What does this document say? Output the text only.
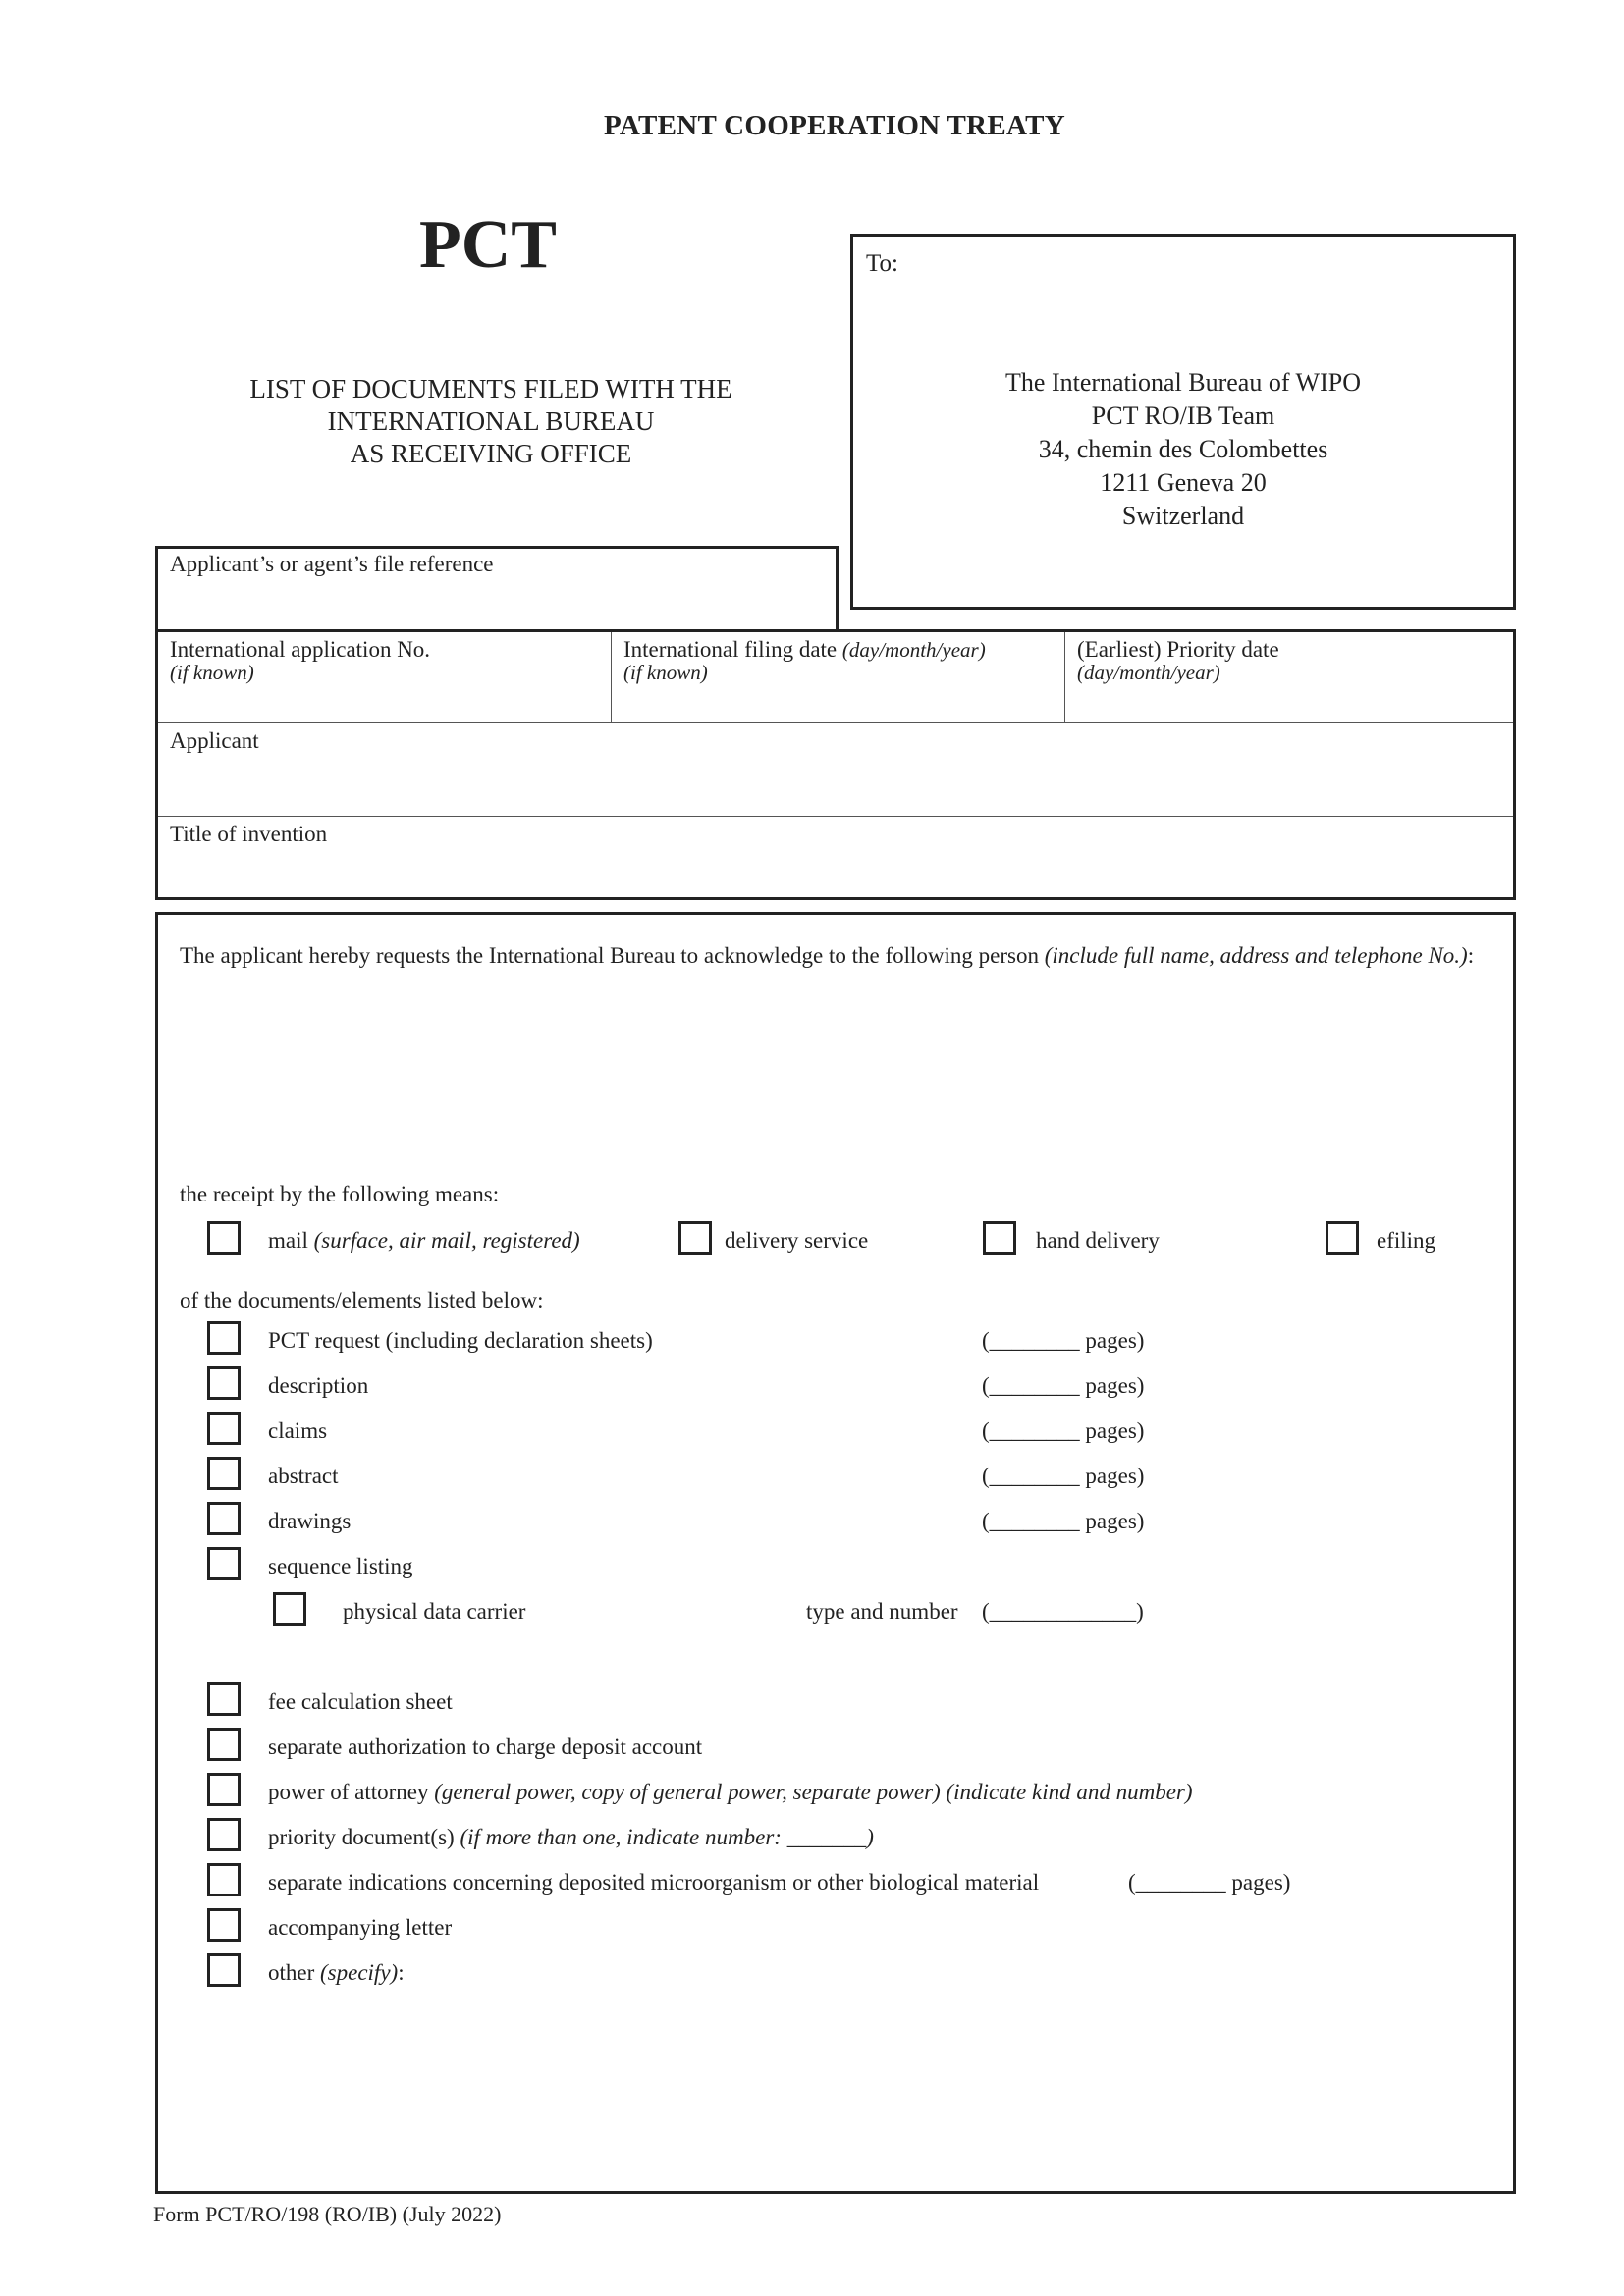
PATENT COOPERATION TREATY
PCT
LIST OF DOCUMENTS FILED WITH THE
INTERNATIONAL BUREAU
AS RECEIVING OFFICE
To:
The International Bureau of WIPO
PCT RO/IB Team
34, chemin des Colombettes
1211 Geneva 20
Switzerland
Applicant’s or agent’s file reference
International application No.
(if known)
International filing date (day/month/year)
(if known)
(Earliest) Priority date
(day/month/year)
Applicant
Title of invention
The applicant hereby requests the International Bureau to acknowledge to the following person (include full name, address and telephone No.):
the receipt by the following means:
mail (surface, air mail, registered)	delivery service	hand delivery	efiling
of the documents/elements listed below:
PCT request (including declaration sheets)	(________ pages)
description	(________ pages)
claims	(________ pages)
abstract	(________ pages)
drawings	(________ pages)
sequence listing
physical data carrier	type and number (_____________)
fee calculation sheet
separate authorization to charge deposit account
power of attorney (general power, copy of general power, separate power) (indicate kind and number)
priority document(s) (if more than one, indicate number: _______)
separate indications concerning deposited microorganism or other biological material	(________ pages)
accompanying letter
other (specify):
Form PCT/RO/198 (RO/IB) (July 2022)
